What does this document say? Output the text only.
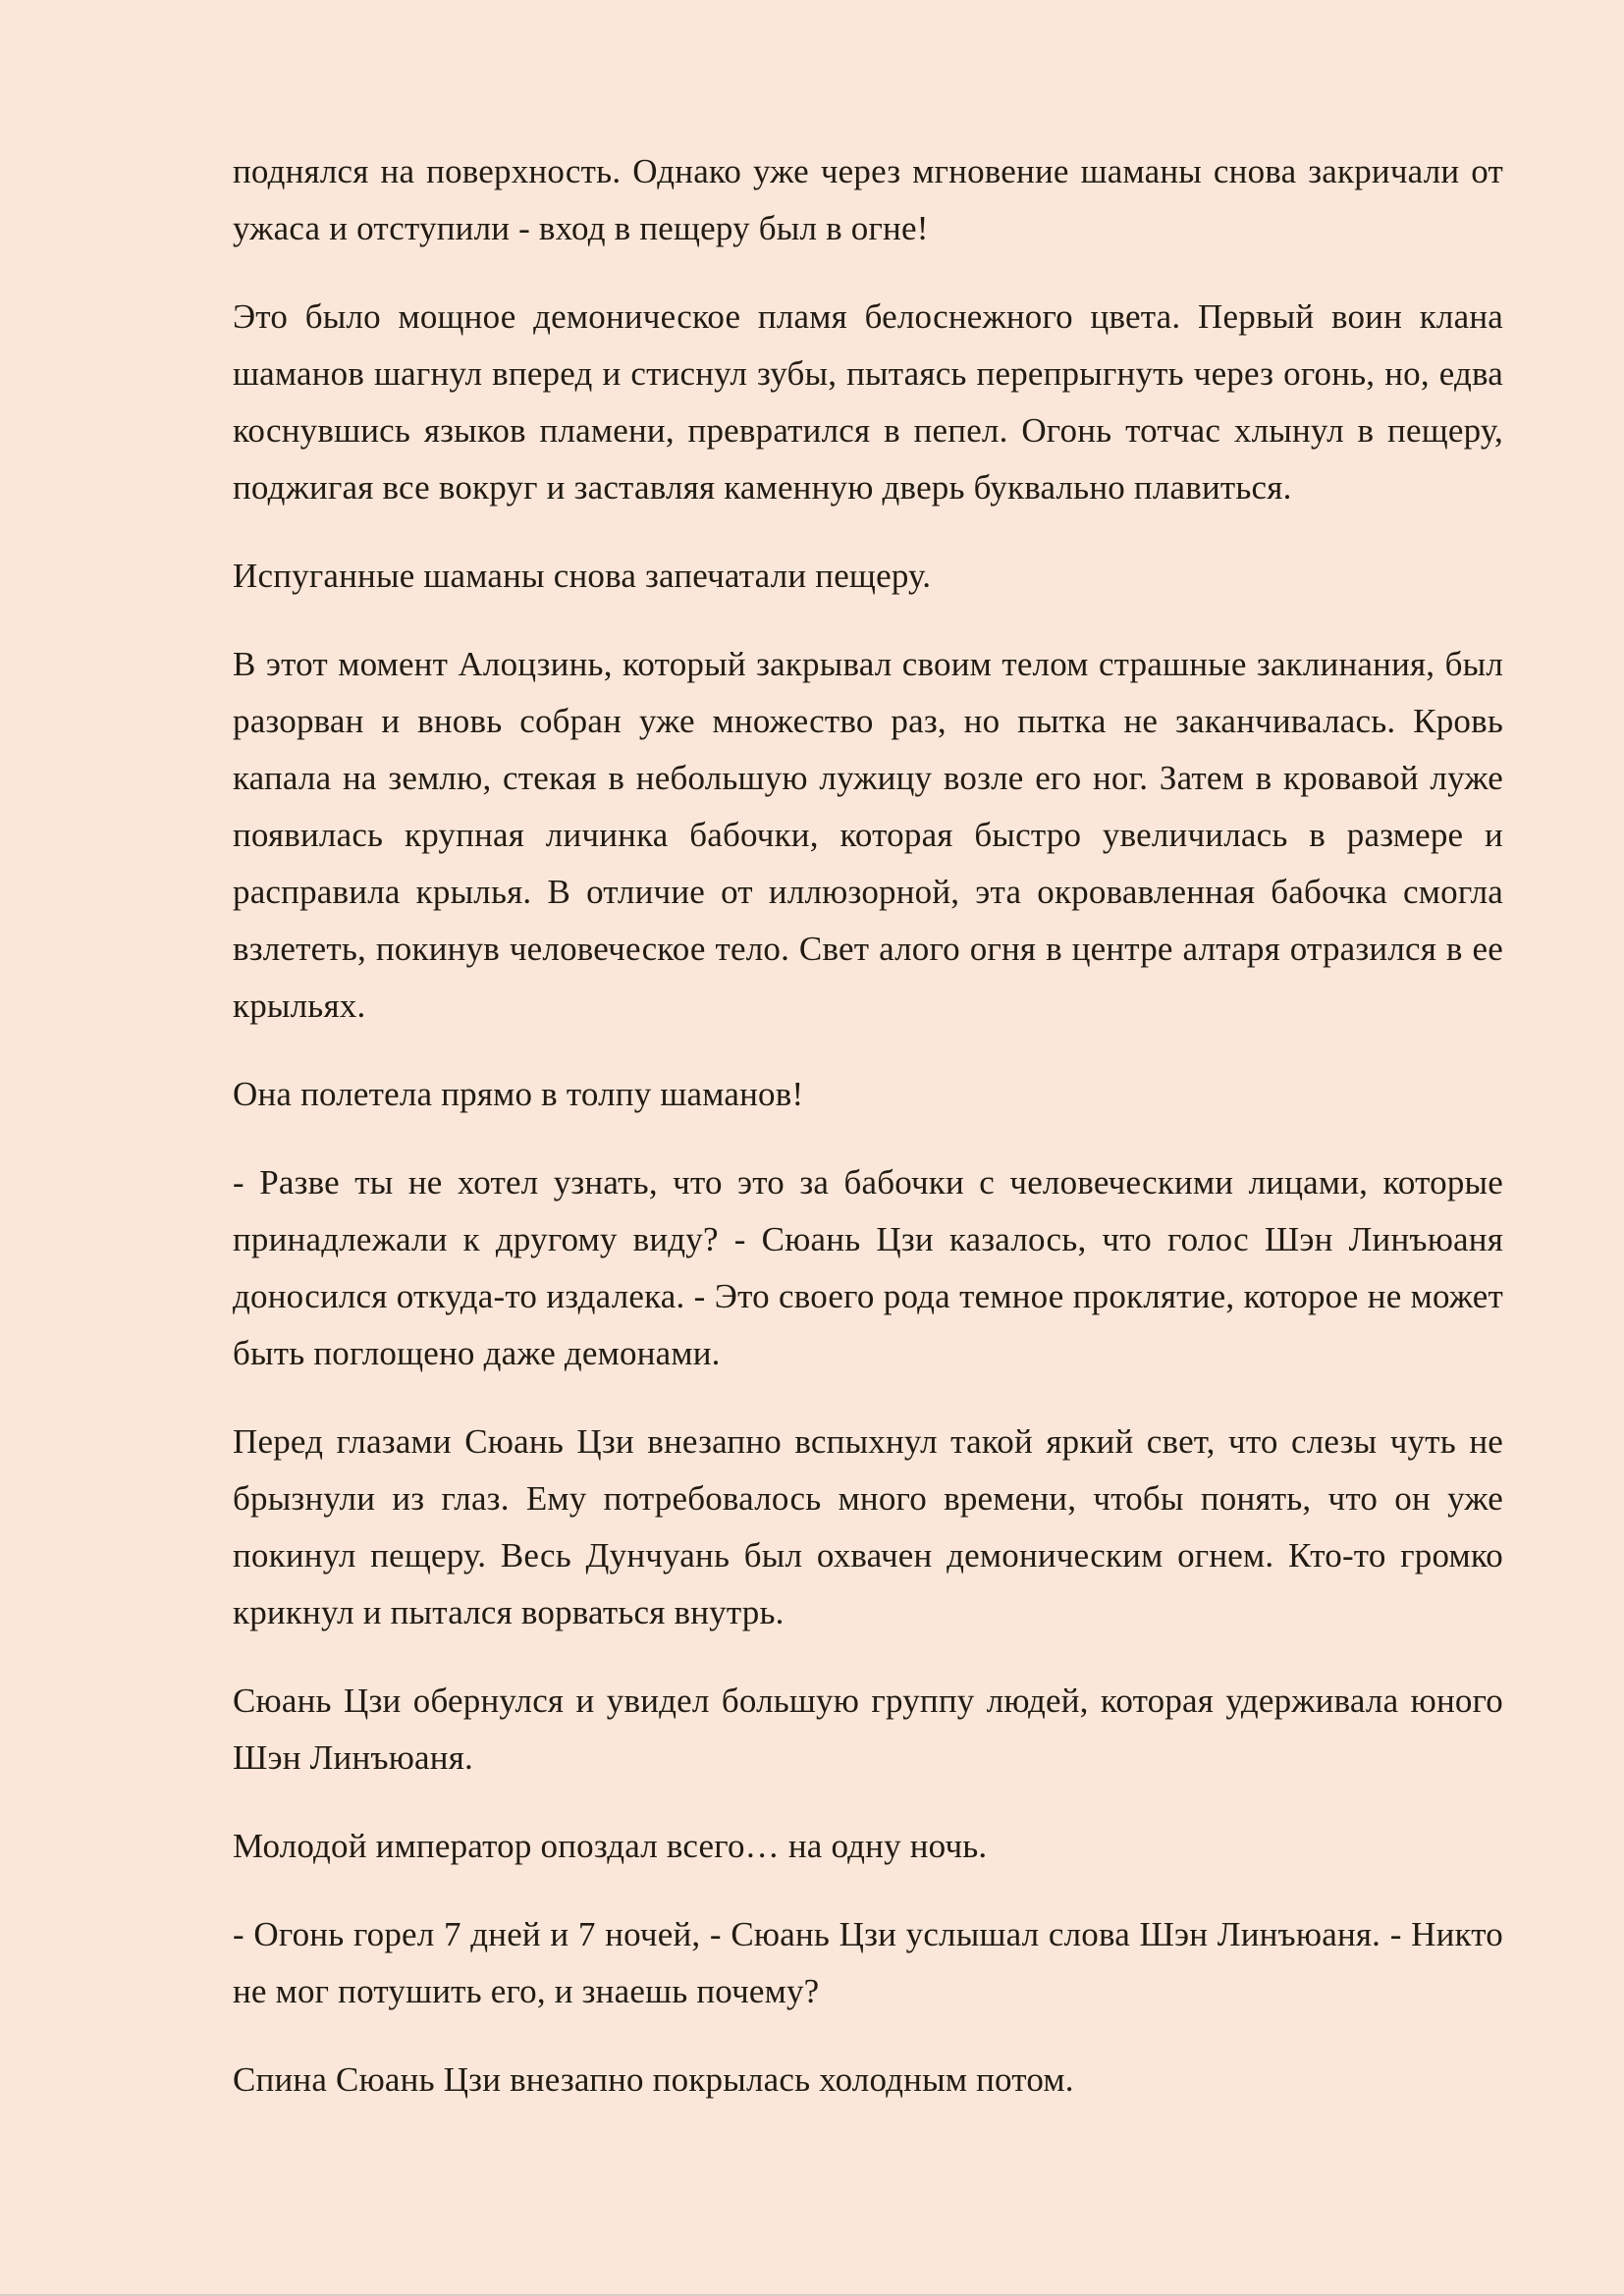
поднялся на поверхность. Однако уже через мгновение шаманы снова закричали от ужаса и отступили - вход в пещеру был в огне!

Это было мощное демоническое пламя белоснежного цвета. Первый воин клана шаманов шагнул вперед и стиснул зубы, пытаясь перепрыгнуть через огонь, но, едва коснувшись языков пламени, превратился в пепел. Огонь тотчас хлынул в пещеру, поджигая все вокруг и заставляя каменную дверь буквально плавиться.

Испуганные шаманы снова запечатали пещеру.

В этот момент Алоцзинь, который закрывал своим телом страшные заклинания, был разорван и вновь собран уже множество раз, но пытка не заканчивалась. Кровь капала на землю, стекая в небольшую лужицу возле его ног. Затем в кровавой луже появилась крупная личинка бабочки, которая быстро увеличилась в размере и расправила крылья. В отличие от иллюзорной, эта окровавленная бабочка смогла взлететь, покинув человеческое тело. Свет алого огня в центре алтаря отразился в ее крыльях.

Она полетела прямо в толпу шаманов!

- Разве ты не хотел узнать, что это за бабочки с человеческими лицами, которые принадлежали к другому виду? - Сюань Цзи казалось, что голос Шэн Линъюаня доносился откуда-то издалека. - Это своего рода темное проклятие, которое не может быть поглощено даже демонами.

Перед глазами Сюань Цзи внезапно вспыхнул такой яркий свет, что слезы чуть не брызнули из глаз. Ему потребовалось много времени, чтобы понять, что он уже покинул пещеру. Весь Дунчуань был охвачен демоническим огнем. Кто-то громко крикнул и пытался ворваться внутрь.

Сюань Цзи обернулся и увидел большую группу людей, которая удерживала юного Шэн Линъюаня.

Молодой император опоздал всего… на одну ночь.

- Огонь горел 7 дней и 7 ночей, - Сюань Цзи услышал слова Шэн Линъюаня. - Никто не мог потушить его, и знаешь почему?

Спина Сюань Цзи внезапно покрылась холодным потом.
